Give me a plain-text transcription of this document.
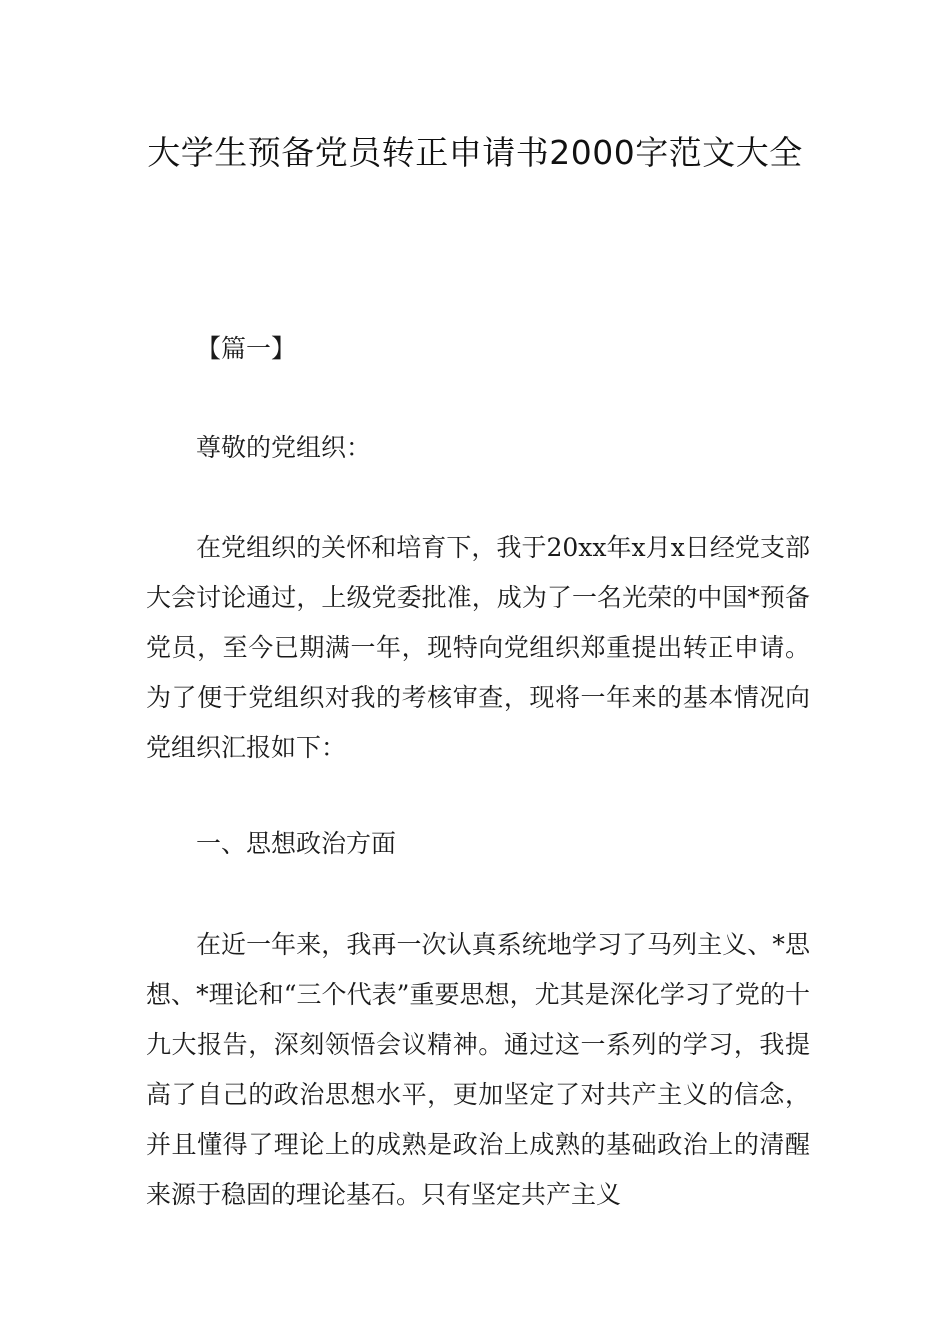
大学生预备党员转正申请书2000字范文大全
【篇一】
尊敬的党组织：

在党组织的关怀和培育下，我于20xx年x月x日经党支部大会讨论通过，上级党委批准，成为了一名光荣的中国*预备党员，至今已期满一年，现特向党组织郑重提出转正申请。为了便于党组织对我的考核审查，现将一年来的基本情况向党组织汇报如下：

一、思想政治方面

在近一年来，我再一次认真系统地学习了马列主义、*思想、*理论和“三个代表”重要思想，尤其是深化学习了党的十九大报告，深刻领悟会议精神。通过这一系列的学习，我提高了自己的政治思想水平，更加坚定了对共产主义的信念，并且懂得了理论上的成熟是政治上成熟的基础政治上的清醒来源于稳固的理论基石。只有坚定共产主义
